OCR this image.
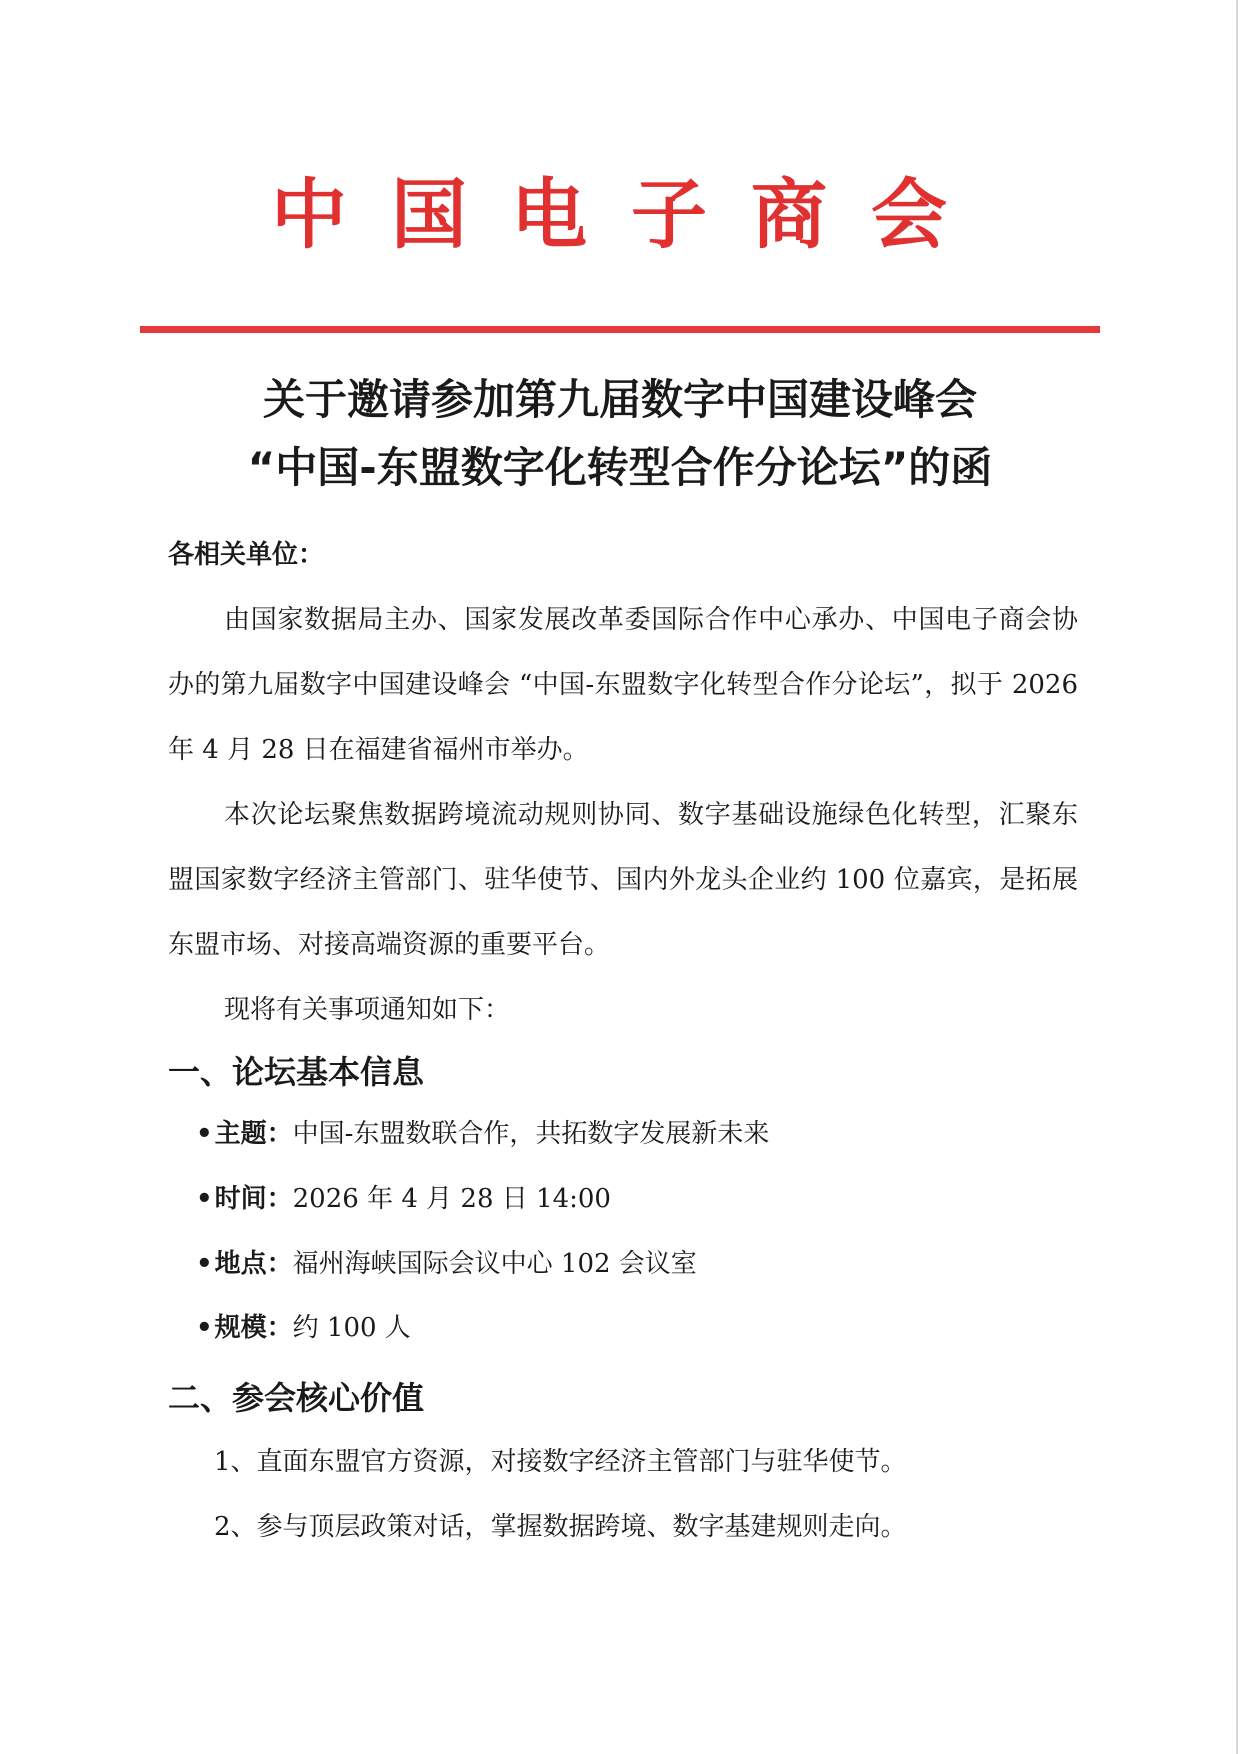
中国电子商会
关于邀请参加第九届数字中国建设峰会
“中国-东盟数字化转型合作分论坛”的函
各相关单位：

由国家数据局主办、国家发展改革委国际合作中心承办、中国电子商会协办的第九届数字中国建设峰会 “中国-东盟数字化转型合作分论坛”，拟于 2026 年 4 月 28 日在福建省福州市举办。

本次论坛聚焦数据跨境流动规则协同、数字基础设施绿色化转型，汇聚东盟国家数字经济主管部门、驻华使节、国内外龙头企业约 100 位嘉宾，是拓展东盟市场、对接高端资源的重要平台。

现将有关事项通知如下：

一、论坛基本信息
•主题：中国-东盟数联合作，共拓数字发展新未来
•时间：2026 年 4 月 28 日 14:00
•地点：福州海峡国际会议中心 102 会议室
•规模：约 100 人
二、参会核心价值
1、直面东盟官方资源，对接数字经济主管部门与驻华使节。
2、参与顶层政策对话，掌握数据跨境、数字基建规则走向。
